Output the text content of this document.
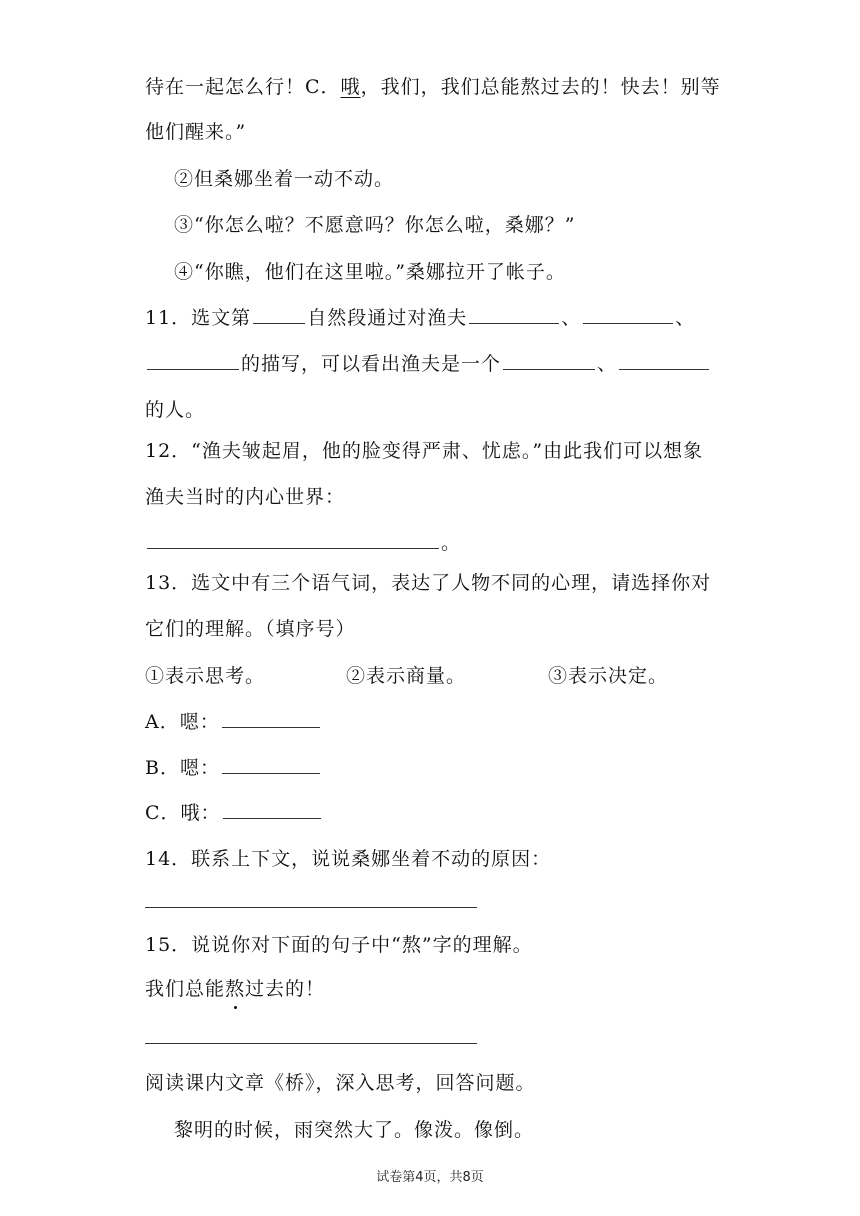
待在一起怎么行！C．哦，我们，我们总能熬过去的！快去！别等
他们醒来。”
②但桑娜坐着一动不动。
③“你怎么啦？不愿意吗？你怎么啦，桑娜？”
④“你瞧，他们在这里啦。”桑娜拉开了帐子。
11．选文第	自然段通过对渔夫	、	、
的描写，可以看出渔夫是一个	、
的人。
12．“渔夫皱起眉，他的脸变得严肃、忧虑。”由此我们可以想象
渔夫当时的内心世界：
。
13．选文中有三个语气词，表达了人物不同的心理，请选择你对
它们的理解。（填序号）
①表示思考。	②表示商量。	③表示决定。
A．嗯：
B．嗯：
C．哦：
14．联系上下文，说说桑娜坐着不动的原因：
15．说说你对下面的句子中“熬”字的理解。
我们总能熬过去的！
阅读课内文章《桥》，深入思考，回答问题。
黎明的时候，雨突然大了。像泼。像倒。
试卷第4页，共8页
